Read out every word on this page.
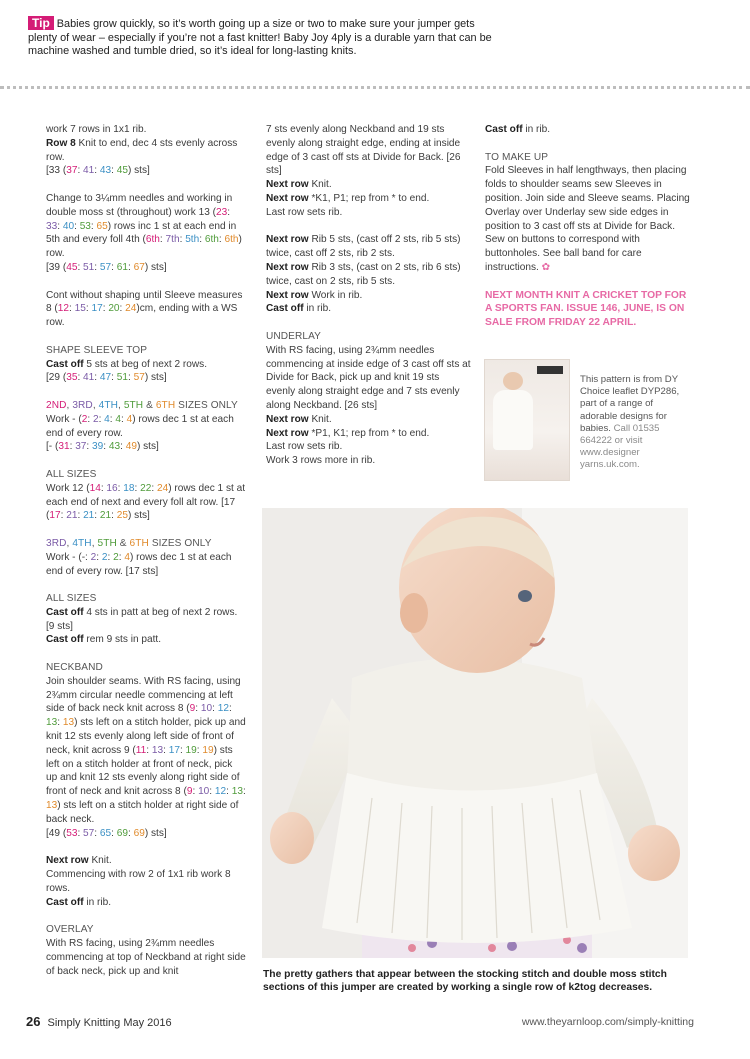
Tip Babies grow quickly, so it’s worth going up a size or two to make sure your jumper gets plenty of wear – especially if you’re not a fast knitter! Baby Joy 4ply is a durable yarn that can be machine washed and tumble dried, so it’s ideal for long-lasting knits.

work 7 rows in 1x1 rib.
Row 8 Knit to end, dec 4 sts evenly across row.
[33 (37: 41: 43: 45) sts]

Change to 3¼mm needles and working in double moss st (throughout) work 13 (23: 33: 40: 53: 65) rows inc 1 st at each end in 5th and every foll 4th (6th: 7th: 5th: 6th: 6th) row.
[39 (45: 51: 57: 61: 67) sts]

Cont without shaping until Sleeve measures 8 (12: 15: 17: 20: 24)cm, ending with a WS row.

SHAPE SLEEVE TOP
Cast off 5 sts at beg of next 2 rows.
[29 (35: 41: 47: 51: 57) sts]

2ND, 3RD, 4TH, 5TH & 6TH SIZES ONLY
Work - (2: 2: 4: 4: 4) rows dec 1 st at each end of every row.
[- (31: 37: 39: 43: 49) sts]

ALL SIZES
Work 12 (14: 16: 18: 22: 24) rows dec 1 st at each end of next and every foll alt row. [17 (17: 21: 21: 21: 25) sts]

3RD, 4TH, 5TH & 6TH SIZES ONLY
Work - (-: 2: 2: 2: 4) rows dec 1 st at each end of every row. [17 sts]

ALL SIZES
Cast off 4 sts in patt at beg of next 2 rows. [9 sts]
Cast off rem 9 sts in patt.

NECKBAND
Join shoulder seams. With RS facing, using 2¾mm circular needle commencing at left side of back neck knit across 8 (9: 10: 12: 13: 13) sts left on a stitch holder, pick up and knit 12 sts evenly along left side of front of neck, knit across 9 (11: 13: 17: 19: 19) sts left on a stitch holder at front of neck, pick up and knit 12 sts evenly along right side of front of neck and knit across 8 (9: 10: 12: 13: 13) sts left on a stitch holder at right side of back neck.
[49 (53: 57: 65: 69: 69) sts]

Next row Knit.
Commencing with row 2 of 1x1 rib work 8 rows.
Cast off in rib.

OVERLAY
With RS facing, using 2¾mm needles commencing at top of Neckband at right side of back neck, pick up and knit

7 sts evenly along Neckband and 19 sts evenly along straight edge, ending at inside edge of 3 cast off sts at Divide for Back. [26 sts]
Next row Knit.
Next row *K1, P1; rep from * to end.
Last row sets rib.

Next row Rib 5 sts, (cast off 2 sts, rib 5 sts) twice, cast off 2 sts, rib 2 sts.
Next row Rib 3 sts, (cast on 2 sts, rib 6 sts) twice, cast on 2 sts, rib 5 sts.
Next row Work in rib.
Cast off in rib.

UNDERLAY
With RS facing, using 2¾mm needles commencing at inside edge of 3 cast off sts at Divide for Back, pick up and knit 19 sts evenly along straight edge and 7 sts evenly along Neckband. [26 sts]
Next row Knit.
Next row *P1, K1; rep from * to end.
Last row sets rib.
Work 3 rows more in rib.

Cast off in rib.

TO MAKE UP
Fold Sleeves in half lengthways, then placing folds to shoulder seams sew Sleeves in position. Join side and Sleeve seams. Placing Overlay over Underlay sew side edges in position to 3 cast off sts at Divide for Back. Sew on buttons to correspond with buttonholes. See ball band for care instructions. ✿

NEXT MONTH KNIT A CRICKET TOP FOR A SPORTS FAN. ISSUE 146, JUNE, IS ON SALE FROM FRIDAY 22 APRIL.
This pattern is from DY Choice leaflet DYP286, part of a range of adorable designs for babies. Call 01535 664222 or visit www.designer yarns.uk.com.
The pretty gathers that appear between the stocking stitch and double moss stitch sections of this jumper are created by working a single row of k2tog decreases.
26 Simply Knitting May 2016	www.theyarnloop.com/simply-knitting
